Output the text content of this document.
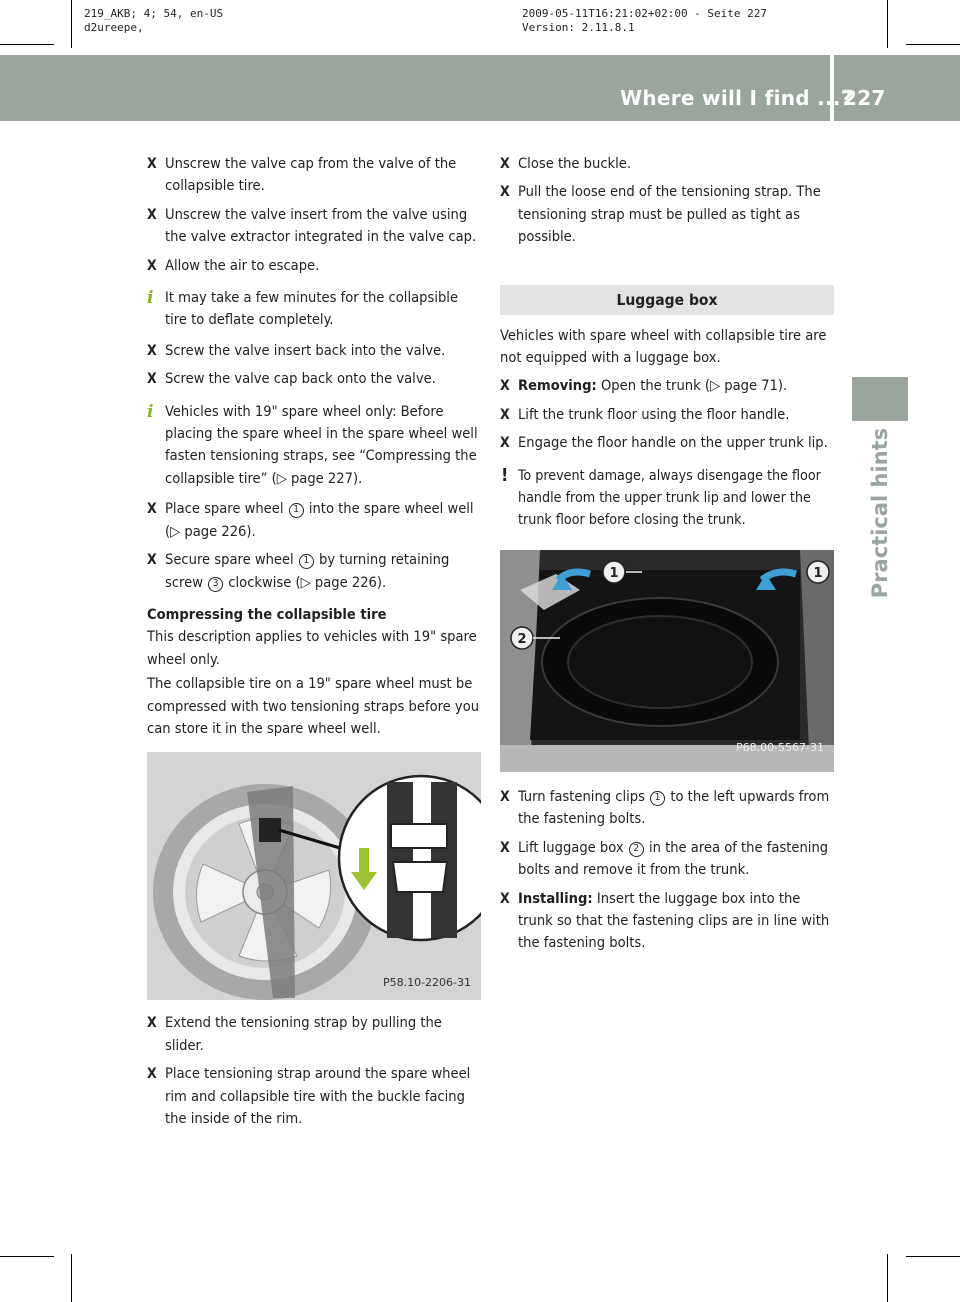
219_AKB; 4; 54, en-US
d2ureepe,
2009-05-11T16:21:02+02:00 - Seite 227
Version: 2.11.8.1
Where will I find ...?
227
Practical hints
X Unscrew the valve cap from the valve of the collapsible tire.
X Unscrew the valve insert from the valve using the valve extractor integrated in the valve cap.
X Allow the air to escape.
i It may take a few minutes for the collapsible tire to deflate completely.
X Screw the valve insert back into the valve.
X Screw the valve cap back onto the valve.
i Vehicles with 19" spare wheel only: Before placing the spare wheel in the spare wheel well fasten tensioning straps, see “Compressing the collapsible tire” (▷ page 227).
X Place spare wheel 1 into the spare wheel well (▷ page 226).
X Secure spare wheel 1 by turning retaining screw 3 clockwise (▷ page 226).
Compressing the collapsible tire
This description applies to vehicles with 19" spare wheel only.
The collapsible tire on a 19" spare wheel must be compressed with two tensioning straps before you can store it in the spare wheel well.
P58.10-2206-31
X Extend the tensioning strap by pulling the slider.
X Place tensioning strap around the spare wheel rim and collapsible tire with the buckle facing the inside of the rim.
X Close the buckle.
X Pull the loose end of the tensioning strap. The tensioning strap must be pulled as tight as possible.
Luggage box
Vehicles with spare wheel with collapsible tire are not equipped with a luggage box.
X Removing: Open the trunk (▷ page 71).
X Lift the trunk floor using the floor handle.
X Engage the floor handle on the upper trunk lip.
! To prevent damage, always disengage the floor handle from the upper trunk lip and lower the trunk floor before closing the trunk.
1	1
2
P68.00-5567-31
X Turn fastening clips 1 to the left upwards from the fastening bolts.
X Lift luggage box 2 in the area of the fastening bolts and remove it from the trunk.
X Installing: Insert the luggage box into the trunk so that the fastening clips are in line with the fastening bolts.
